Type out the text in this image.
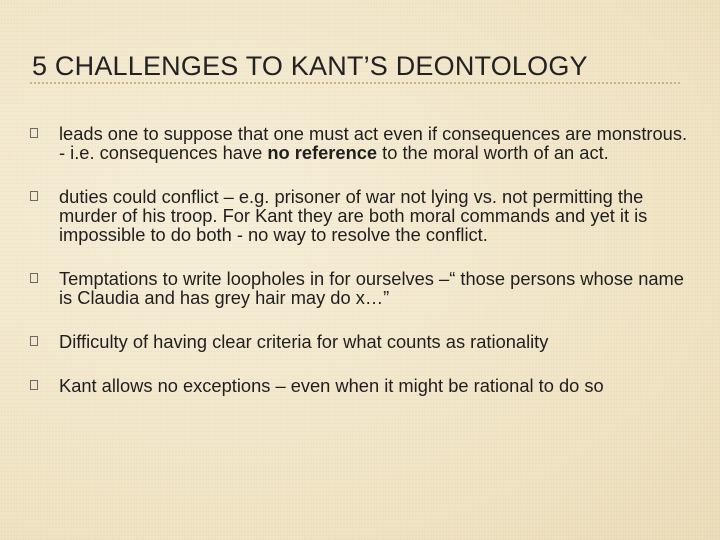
5 CHALLENGES TO KANT’S DEONTOLOGY
leads one to suppose that one must act even if consequences are monstrous. - i.e. consequences have no reference to the moral worth of an act.
duties could conflict – e.g. prisoner of war not lying vs. not permitting the murder of his troop. For Kant they are both moral commands and yet it is impossible to do both - no way to resolve the conflict.
Temptations to write loopholes in for ourselves –“ those persons whose name is Claudia and has grey hair may do x…”
Difficulty of having clear criteria for what counts as rationality
Kant allows no exceptions – even when it might be rational to do so
